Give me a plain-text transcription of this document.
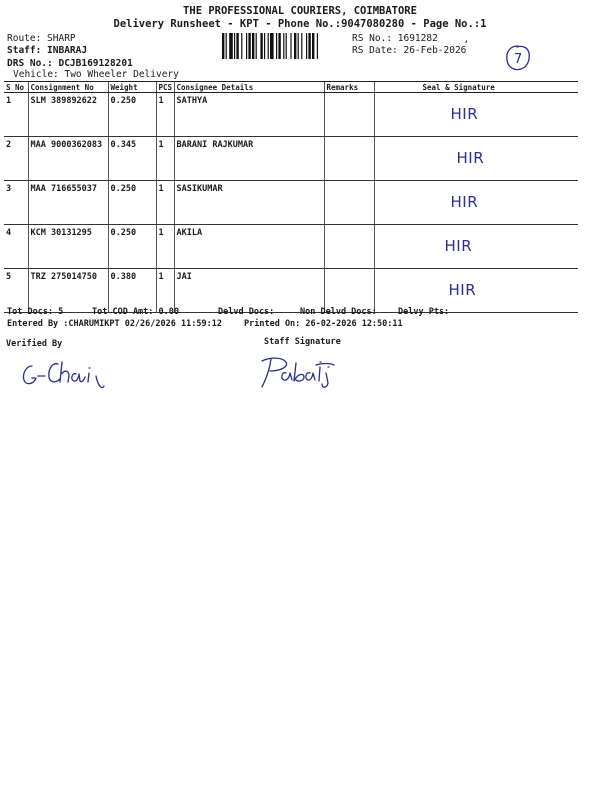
THE PROFESSIONAL COURIERS, COIMBATORE
Delivery Runsheet - KPT - Phone No.:9047080280 - Page No.:1
Route: SHARP
Staff: INBARAJ
DRS No.: DCJB169128201
Vehicle: Two Wheeler Delivery
RS No.: 1691282
RS Date: 26-Feb-2026
,
7
S No	Consignment No	Weight	PCS	Consignee Details	Remarks	Seal & Signature
1	SLM 389892622	0.250	1	SATHYA		HIR

2	MAA 9000362083	0.345	1	BARANI RAJKUMAR		HIR

3	MAA 716655037	0.250	1	SASIKUMAR		HIR

4	KCM 30131295	0.250	1	AKILA		HIR

5	TRZ 275014750	0.380	1	JAI		HIR
Tot Docs: 5	Tot COD Amt: 0.00	Delvd Docs:	Non Delvd Docs: Delvy Pts:
Entered By :CHARUMIKPT 02/26/2026 11:59:12	Printed On: 26-02-2026 12:50:11
Verified By	Staff Signature
